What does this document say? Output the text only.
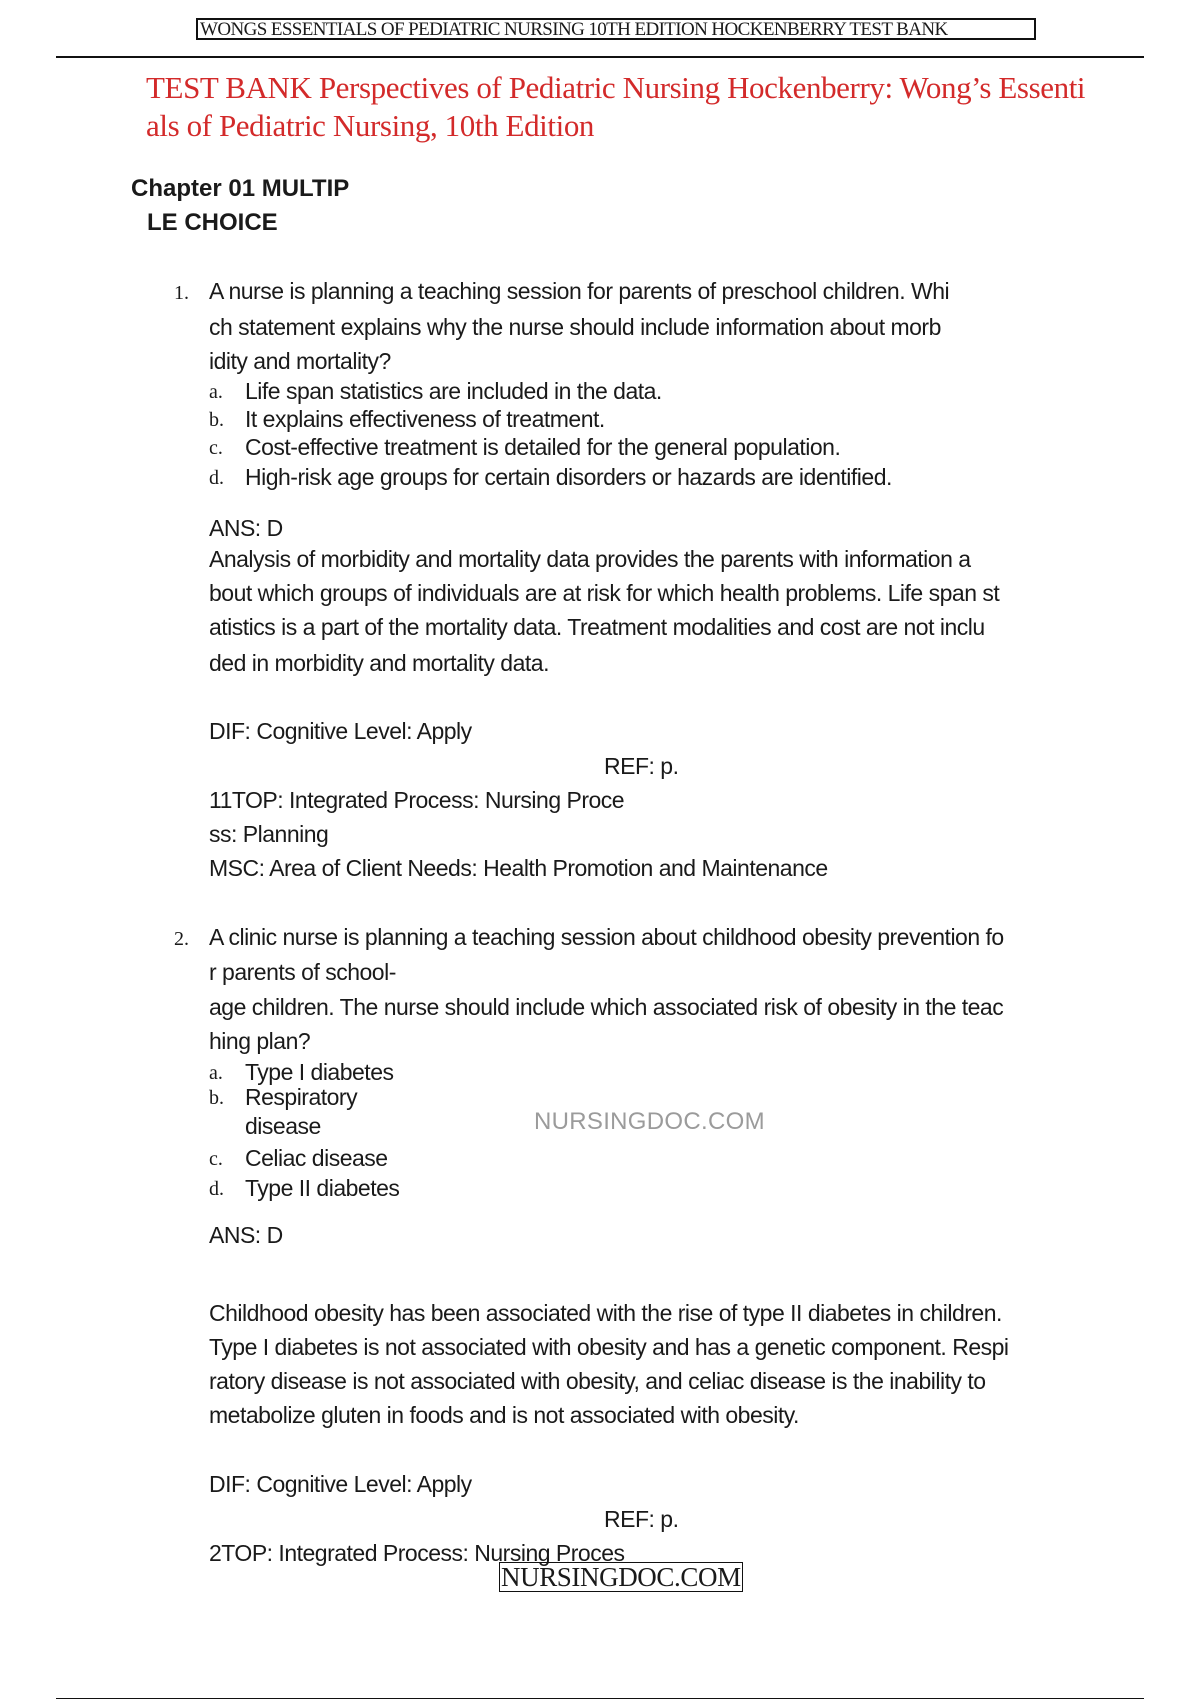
WONGS ESSENTIALS OF PEDIATRIC NURSING 10TH EDITION HOCKENBERRY TEST BANK
TEST BANK Perspectives of Pediatric Nursing Hockenberry: Wong’s Essenti
als of Pediatric Nursing, 10th Edition
Chapter 01 MULTIP
LE CHOICE
1. A nurse is planning a teaching session for parents of preschool children. Whi
ch statement explains why the nurse should include information about morb
idity and mortality?
a. Life span statistics are included in the data.
b. It explains effectiveness of treatment.
c. Cost-effective treatment is detailed for the general population.
d. High-risk age groups for certain disorders or hazards are identified.
ANS: D
Analysis of morbidity and mortality data provides the parents with information a
bout which groups of individuals are at risk for which health problems. Life span st
atistics is a part of the mortality data. Treatment modalities and cost are not inclu
ded in morbidity and mortality data.
DIF: Cognitive Level: Apply
REF: p.
11TOP: Integrated Process: Nursing Proce
ss: Planning
MSC: Area of Client Needs: Health Promotion and Maintenance
2. A clinic nurse is planning a teaching session about childhood obesity prevention fo
r parents of school-
age children. The nurse should include which associated risk of obesity in the teac
hing plan?
a. Type I diabetes
b. Respiratory
disease
c. Celiac disease
d. Type II diabetes
ANS: D
Childhood obesity has been associated with the rise of type II diabetes in children.
Type I diabetes is not associated with obesity and has a genetic component. Respi
ratory disease is not associated with obesity, and celiac disease is the inability to
metabolize gluten in foods and is not associated with obesity.
DIF: Cognitive Level: Apply
REF: p.
2TOP: Integrated Process: Nursing Proces
NURSINGDOC.COM
NURSINGDOC.COM
